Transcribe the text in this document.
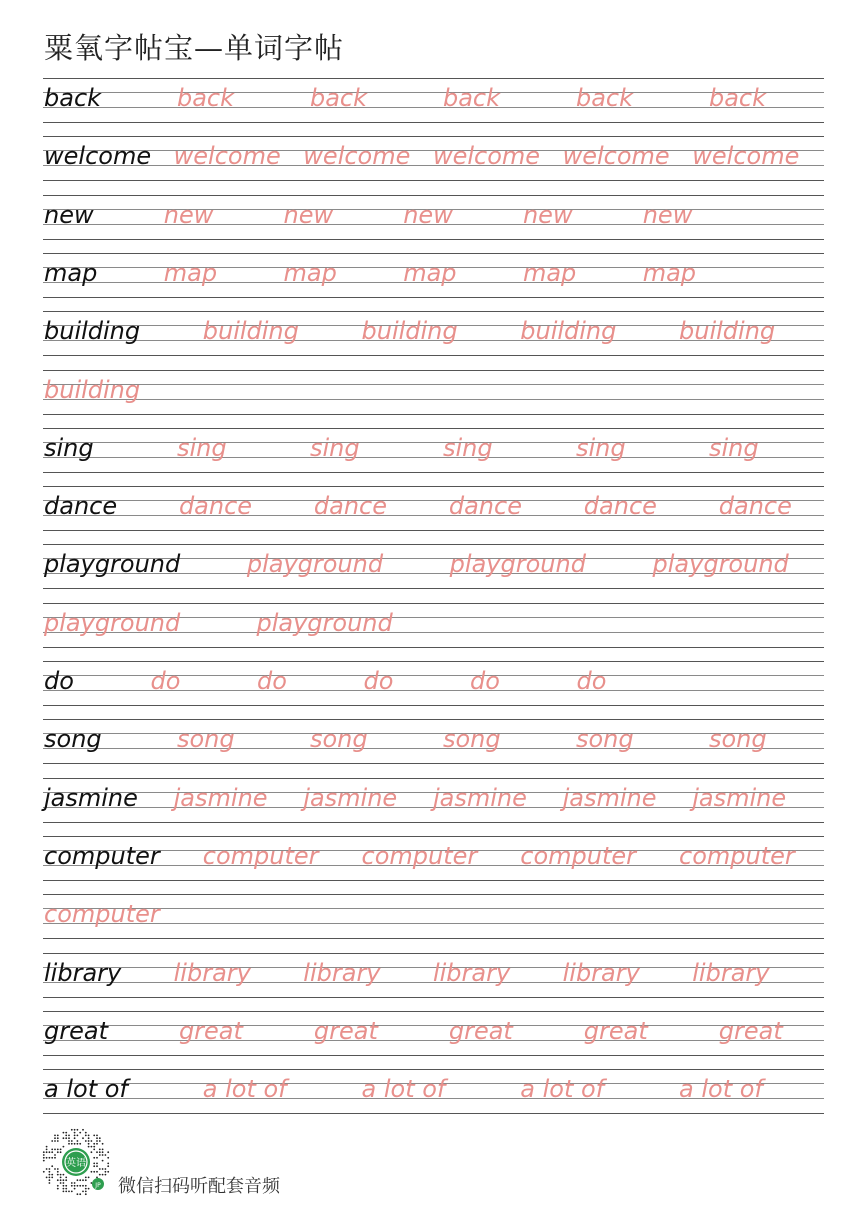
粟氧字帖宝—单词字帖
back	back	back	back	back	back
welcome welcome welcome welcome welcome welcome
new	new	new	new	new	new
map	map	map	map	map	map
building	building	building	building	building
building
sing	sing	sing	sing	sing	sing
dance	dance	dance	dance	dance	dance
playground	playground	playground	playground
playground	playground
do	do	do	do	do	do
song	song	song	song	song	song
jasmine jasmine jasmine jasmine jasmine jasmine
computer computer computer computer computer
computer
library library library library library library
great	great	great	great	great	great
a lot of	a lot of	a lot of	a lot of	a lot of
英语
JP 微信扫码听配套音频
